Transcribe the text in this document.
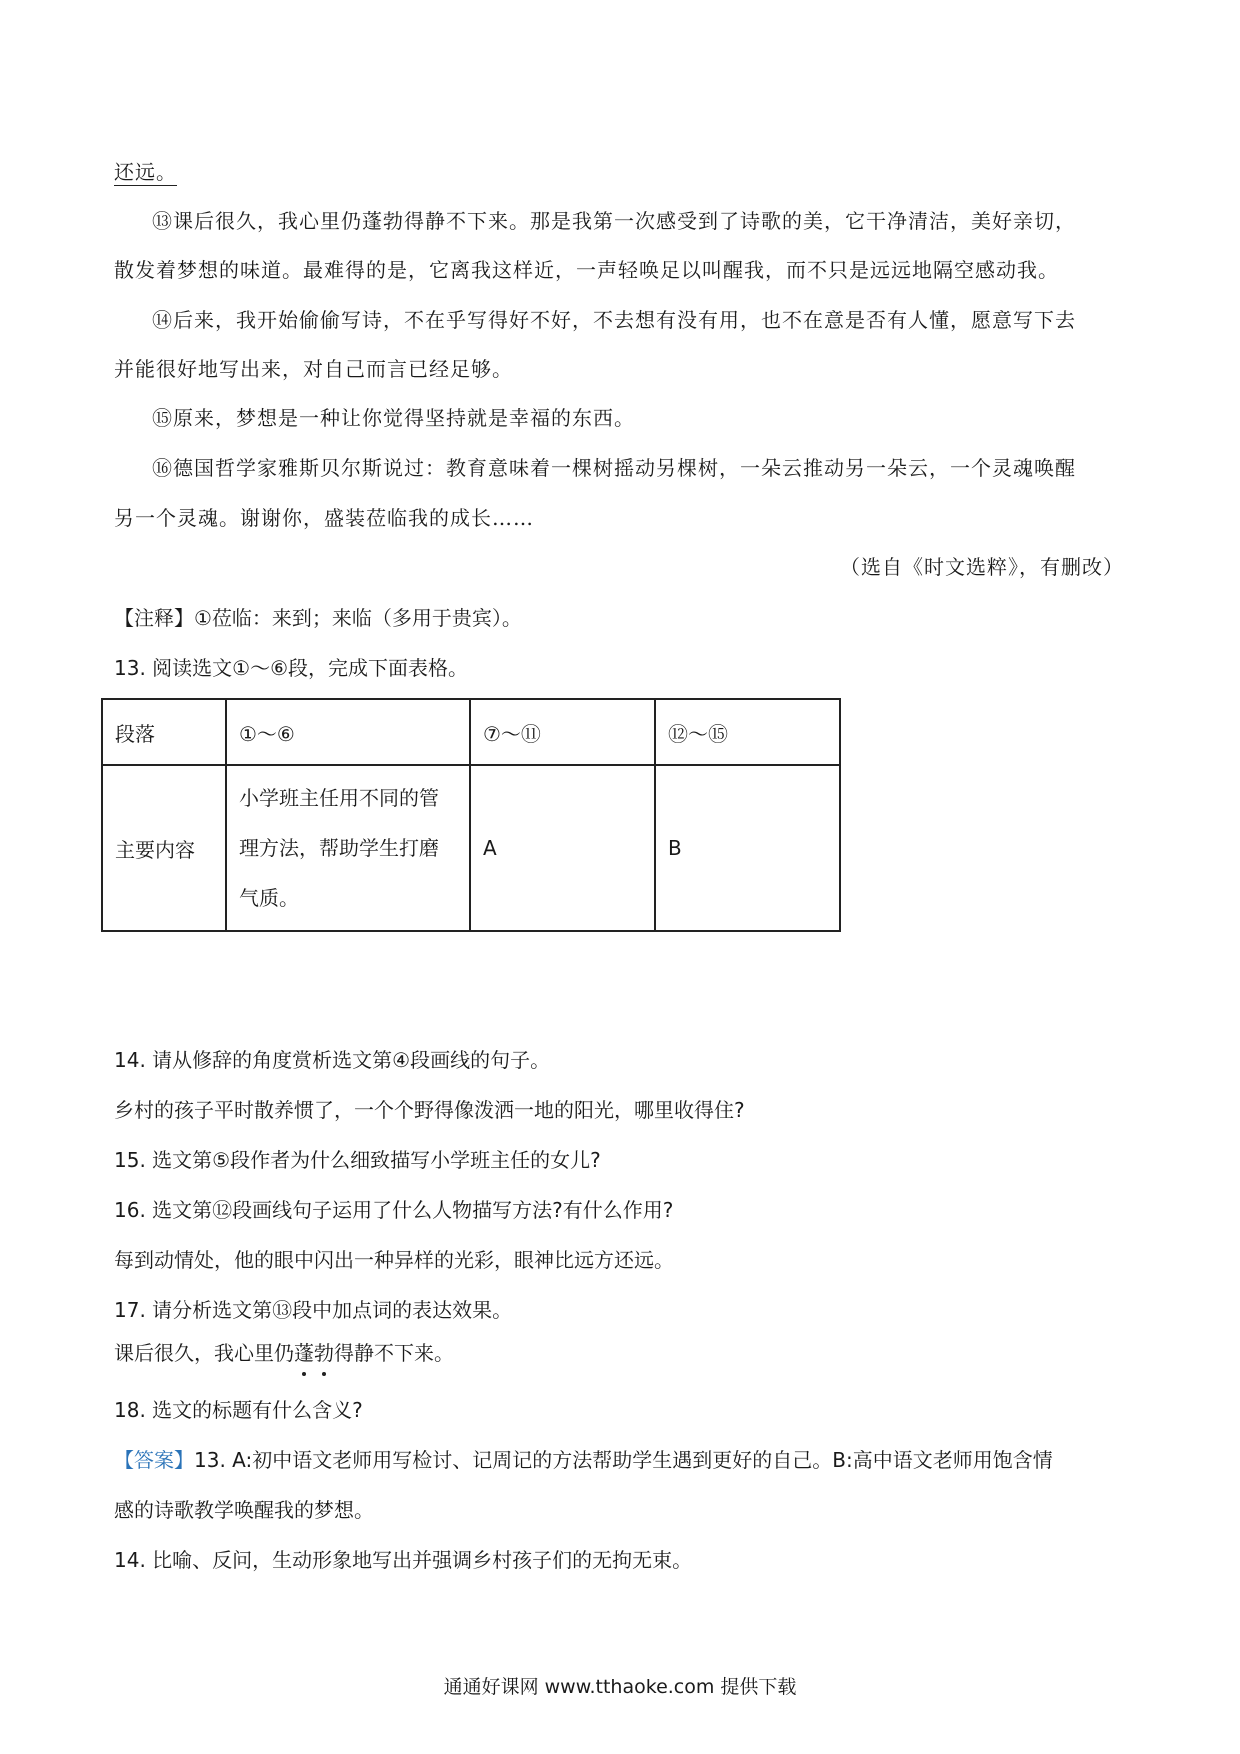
还远。
⑬课后很久，我心里仍蓬勃得静不下来。那是我第一次感受到了诗歌的美，它干净清洁，美好亲切，
散发着梦想的味道。最难得的是，它离我这样近，一声轻唤足以叫醒我，而不只是远远地隔空感动我。
⑭后来，我开始偷偷写诗，不在乎写得好不好，不去想有没有用，也不在意是否有人懂，愿意写下去
并能很好地写出来，对自己而言已经足够。
⑮原来，梦想是一种让你觉得坚持就是幸福的东西。
⑯德国哲学家雅斯贝尔斯说过：教育意味着一棵树摇动另棵树，一朵云推动另一朵云，一个灵魂唤醒
另一个灵魂。谢谢你，盛装莅临我的成长……
（选自《时文选粹》，有删改）
【注释】①莅临：来到；来临（多用于贵宾）。
13. 阅读选文①～⑥段，完成下面表格。
段落	①～⑥	⑦～⑪	⑫～⑮
主要内容	小学班主任用不同的管
理方法，帮助学生打磨
气质。	A	B
14. 请从修辞的角度赏析选文第④段画线的句子。
乡村的孩子平时散养惯了，一个个野得像泼洒一地的阳光，哪里收得住?
15. 选文第⑤段作者为什么细致描写小学班主任的女儿?
16. 选文第⑫段画线句子运用了什么人物描写方法?有什么作用?
每到动情处，他的眼中闪出一种异样的光彩，眼神比远方还远。
17. 请分析选文第⑬段中加点词的表达效果。
课后很久，我心里仍蓬勃得静不下来。
18. 选文的标题有什么含义?
【答案】13. A:初中语文老师用写检讨、记周记的方法帮助学生遇到更好的自己。B:高中语文老师用饱含情
感的诗歌教学唤醒我的梦想。
14. 比喻、反问，生动形象地写出并强调乡村孩子们的无拘无束。
通通好课网 www.tthaoke.com 提供下载
